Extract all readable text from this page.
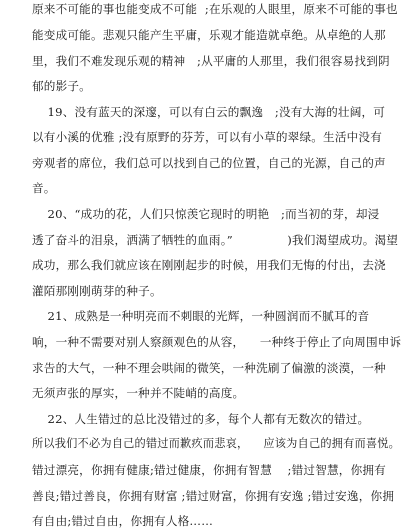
原来不可能的事也能变成不可能  ;在乐观的人眼里，原来不可能的事也
能变成可能。悲观只能产生平庸，乐观才能造就卓绝。从卓绝的人那
里，我们不难发现乐观的精神   ;从平庸的人那里，我们很容易找到阴
郁的影子。
19、没有蓝天的深邃，可以有白云的飘逸   ;没有大海的壮阔，可
以有小溪的优雅 ;没有原野的芬芳，可以有小草的翠绿。生活中没有
旁观者的席位，我们总可以找到自己的位置，自己的光源，自己的声
音。
20、“成功的花，人们只惊羡它现时的明艳   ;而当初的芽，却浸
透了奋斗的泪泉，洒满了牺牲的血雨。”              )我们渴望成功。渴望
成功，那么我们就应该在刚刚起步的时候，用我们无悔的付出，去浇
灌陌那刚刚萌芽的种子。
21、成熟是一种明亮而不刺眼的光辉，一种圆润而不腻耳的音
响，一种不需要对别人察颜观色的从容，    一种终于停止了向周围申诉
求告的大气，一种不理会哄闹的微笑，一种洗刷了偏激的淡漠，一种
无须声张的厚实，一种并不陡峭的高度。
22、人生错过的总比没错过的多，每个人都有无数次的错过。
所以我们不必为自己的错过而歉疚而悲哀，    应该为自己的拥有而喜悦。
错过漂亮，你拥有健康;错过健康，你拥有智慧    ;错过智慧，你拥有
善良;错过善良，你拥有财富 ;错过财富，你拥有安逸 ;错过安逸，你拥
有自由;错过自由，你拥有人格……
